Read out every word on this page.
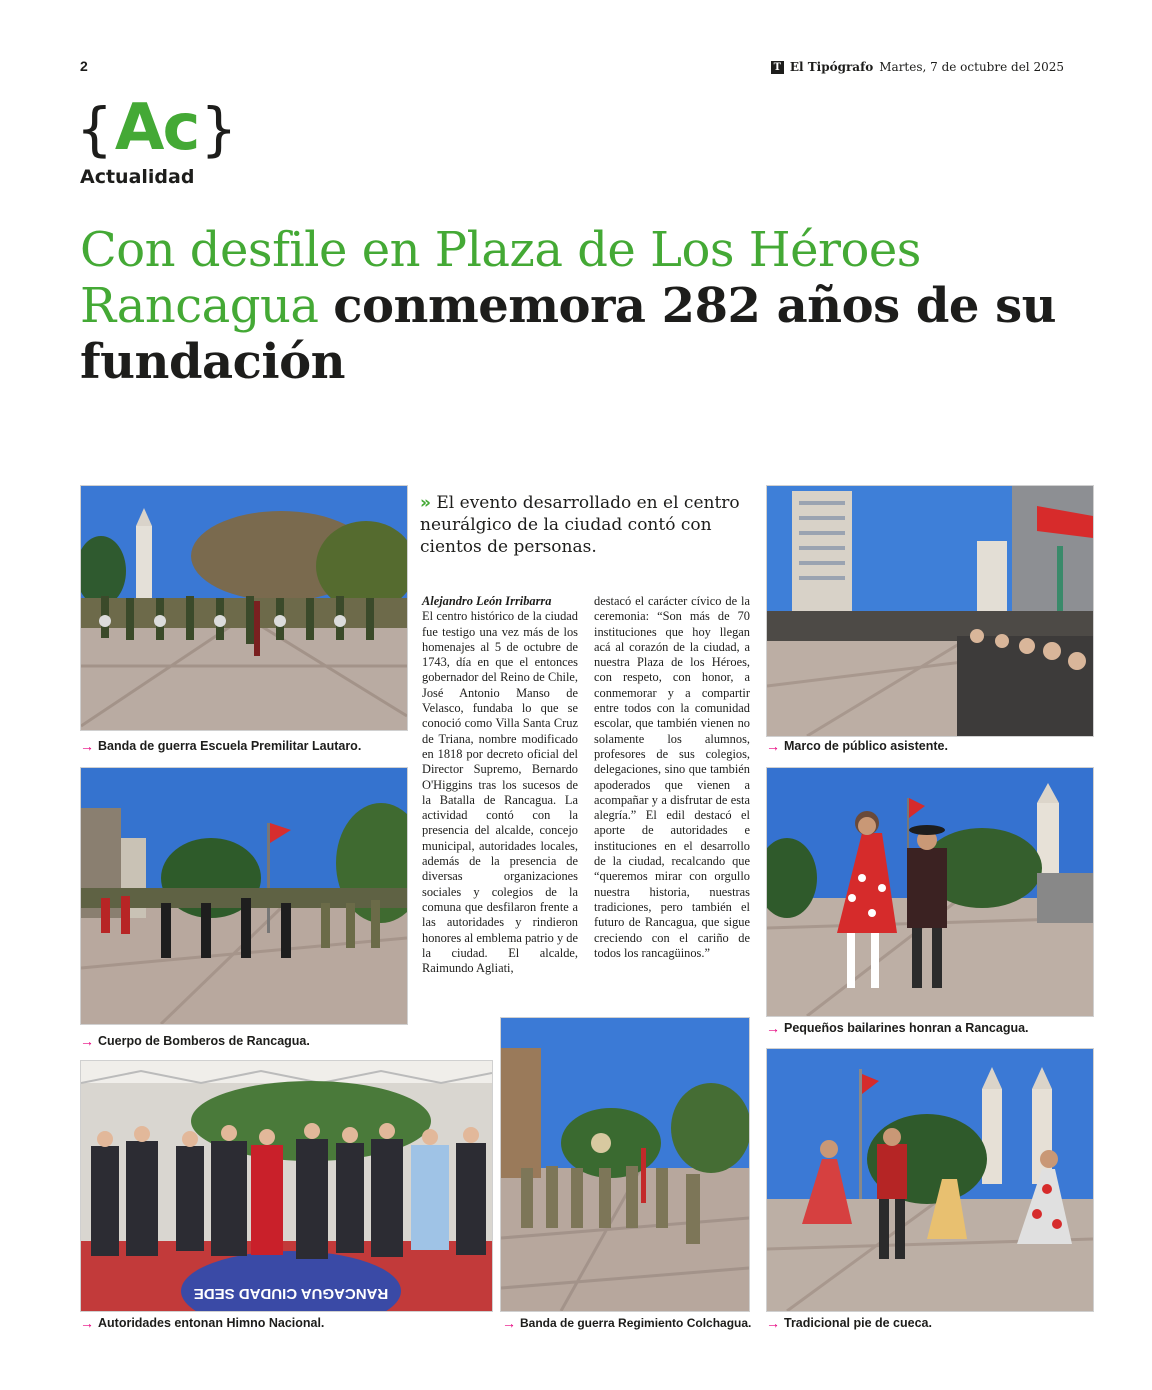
2	T El Tipógrafo Martes, 7 de octubre del 2025
{ Ac }
Actualidad
Con desfile en Plaza de Los Héroes Rancagua conmemora 282 años de su fundación
→ Banda de guerra Escuela Premilitar Lautaro.
→ Cuerpo de Bomberos de Rancagua.
RANCAGUA CIUDAD SEDE
→ Autoridades entonan Himno Nacional.	→ Banda de guerra Regimiento Colchagua.
→ Marco de público asistente.
→ Pequeños bailarines honran a Rancagua.
→ Tradicional pie de cueca.
» El evento desarrollado en el centro neurálgico de la ciudad contó con cientos de personas.
Alejandro León Irribarra
El centro histórico de la ciudad fue testigo una vez más de los homenajes al 5 de octubre de 1743, día en que el entonces gobernador del Reino de Chile, José Antonio Manso de Velasco, fundaba lo que se conoció como Villa Santa Cruz de Triana, nombre modificado en 1818 por decreto oficial del Director Supremo, Bernardo O'Higgins tras los sucesos de la Batalla de Rancagua. La actividad contó con la presencia del alcalde, concejo municipal, autoridades locales, además de la presencia de diversas organizaciones sociales y colegios de la comuna que desfilaron frente a las autoridades y rindieron honores al emblema patrio y de la ciudad. El alcalde, Raimundo Agliati,
destacó el carácter cívico de la ceremonia: “Son más de 70 instituciones que hoy llegan acá al corazón de la ciudad, a nuestra Plaza de los Héroes, con respeto, con honor, a conmemorar y a compartir entre todos con la comunidad escolar, que también vienen no solamente los alumnos, profesores de sus colegios, delegaciones, sino que también apoderados que vienen a acompañar y a disfrutar de esta alegría.” El edil destacó el aporte de autoridades e instituciones en el desarrollo de la ciudad, recalcando que “queremos mirar con orgullo nuestra historia, nuestras tradiciones, pero también el futuro de Rancagua, que sigue creciendo con el cariño de todos los rancagüinos.”
